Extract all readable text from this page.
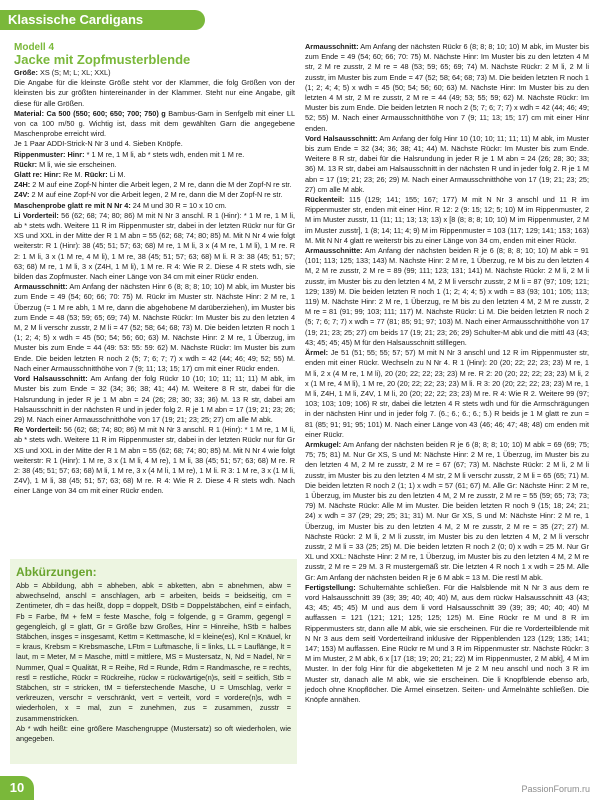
Klassische Cardigans
Modell 4
Jacke mit Zopfmusterblende

Größe: XS (S; M; L; XL; XXL)

Die Angabe für die kleinste Größe steht vor der Klammer, die folg Größen von der kleinsten bis zur größten hintereinander in der Klammer. Steht nur eine Angabe, gilt diese für alle Größen.

Material: Ca 500 (550; 600; 650; 700; 750) g Bambus-Garn in Senfgelb mit einer LL von ca 100 m/50 g. Wichtig ist, dass mit dem gewählten Garn die angegebene Maschenprobe erreicht wird.

Je 1 Paar ADDI-Strick-N Nr 3 und 4. Sieben Knöpfe.

Rippenmuster: Hinr: * 1 M re, 1 M li, ab * stets wdh, enden mit 1 M re.

Rückr: M li, wie sie erscheinen.

Glatt re: Hinr: Re M. Rückr: Li M.

Z4H: 2 M auf eine Zopf-N hinter die Arbeit legen, 2 M re, dann die M der Zopf-N re str.

Z4V: 2 M auf eine Zopf-N vor die Arbeit legen, 2 M re, dann die M der Zopf-N re str.

Maschenprobe glatt re mit N Nr 4: 24 M und 30 R = 10 x 10 cm.

Li Vorderteil: 56 (62; 68; 74; 80; 86) M mit N Nr 3 anschl. R 1 (Hinr): * 1 M re, 1 M li, ab * stets wdh. Weitere 11 R im Rippenmuster str, dabei in der letzten Rückr nur für Gr XS und XXL in der Mitte der R 1 M abn = 55 (62; 68; 74; 80; 85) M. Mit N Nr 4 wie folgt weiterstr: R 1 (Hinr): 38 (45; 51; 57; 63; 68) M re, 1 M li, 3 x (4 M re, 1 M li), 1 M re. R 2: 1 M li, 3 x (1 M re, 4 M li), 1 M re, 38 (45; 51; 57; 63; 68) M li. R 3: 38 (45; 51; 57; 63; 68) M re, 1 M li, 3 x (Z4H, 1 M li), 1 M re. R 4: Wie R 2. Diese 4 R stets wdh, sie bilden das Zopfmuster. Nach einer Länge von 34 cm mit einer Rückr enden.

Armausschnitt: Am Anfang der nächsten Hinr 6 (8; 8; 8; 10; 10) M abk, im Muster bis zum Ende = 49 (54; 60; 66; 70: 75) M. Rückr im Muster str. Nächste Hinr: 2 M re, 1 Überzug (= 1 M re abh, 1 M re, dann die abgehobene M darüberziehen), im Muster bis zum Ende = 48 (53; 59; 65; 69; 74) M. Nächste Rückr: Im Muster bis zu den letzten 4 M, 2 M li verschr zusstr, 2 M li = 47 (52; 58; 64; 68; 73) M. Die beiden letzten R noch 1 (1; 2; 4; 5) x wdh = 45 (50; 54; 56; 60; 63) M. Nächste Hinr: 2 M re, 1 Überzug, im Muster bis zum Ende = 44 (49: 53: 55: 59: 62) M. Nächste Rückr: Im Muster bis zum Ende. Die beiden letzten R noch 2 (5; 7; 6; 7; 7) x wdh = 42 (44; 46; 49; 52; 55) M. Nach einer Armausschnitthöhe von 7 (9; 11; 13; 15; 17) cm mit einer Rückr enden.

Vord Halsausschnitt: Am Anfang der folg Rückr 10 (10; 10; 11; 11; 11) M abk, im Muster bis zum Ende = 32 (34; 36; 38; 41; 44) M. Weitere 8 R str, dabei für die Halsrundung in jeder R je 1 M abn = 24 (26; 28; 30; 33; 36) M. 13 R str, dabei am Halsausschnitt in der nächsten R und in jeder folg 2. R je 1 M abn = 17 (19; 21; 23; 26; 29) M. Nach einer Armausschnitthöhe von 17 (19; 21; 23; 25; 27) cm alle M abk.

Re Vorderteil: 56 (62; 68; 74; 80; 86) M mit N Nr 3 anschl. R 1 (Hinr): * 1 M re, 1 M li, ab * stets wdh. Weitere 11 R im Rippenmuster str, dabei in der letzten Rückr nur für Gr XS und XXL in der Mitte der R 1 M abn = 55 (62; 68; 74; 80; 85) M. Mit N Nr 4 wie folgt weiterstr: R 1 (Hinr): 1 M re, 3 x (1 M li, 4 M re), 1 M li, 38 (45; 51; 57; 63; 68) M re. R 2: 38 (45; 51; 57; 63; 68) M li, 1 M re, 3 x (4 M li, 1 M re), 1 M li. R 3: 1 M re, 3 x (1 M li, Z4V), 1 M li, 38 (45; 51; 57; 63; 68) M re. R 4: Wie R 2. Diese 4 R stets wdh. Nach einer Länge von 34 cm mit einer Rückr enden.

Abkürzungen:

Abb = Abbildung, abh = abheben, abk = abketten, abn = abnehmen, abw = abwechselnd, anschl = anschlagen, arb = arbeiten, beids = beidseitig, cm = Zentimeter, dh = das heißt, dopp = doppelt, DStb = Doppelstäbchen, einf = einfach, Fb = Farbe, fM + feM = feste Masche, folg = folgende, g = Gramm, gegengl = gegengleich, gl = glatt, Gr = Größe bzw Großes, Hinr = Hinreihe, hStb = halbes Stäbchen, insges = insgesamt, Kettm = Kettmasche, kl = kleine(es), Knl = Knäuel, kr = kraus, Krebsm = Krebsmasche, LFtm = Luftmasche, li = links, LL = Lauflänge, lt = laut, m = Meter, M = Masche, mittl = mittlere, MS = Mustersatz, N, Nd = Nadel, Nr = Nummer, Qual = Qualität, R = Reihe, Rd = Runde, Rdm = Randmasche, re = rechts, restl = restliche, Rückr = Rückreihe, rückw = rückwärtige(n)s, seitl = seitlich, Stb = Stäbchen, str = stricken, tM = tieferstechende Masche, U = Umschlag, verkr = verkreuzen, verschr = verschränkt, vert = verteilt, vord = vordere(n)s, wdh = wiederholen, x = mal, zun = zunehmen, zus = zusammen, zusstr = zusammenstricken.

Ab * wdh heißt: eine größere Maschengruppe (Mustersatz) so oft wiederholen, wie angegeben.

Armausschnitt: Am Anfang der nächsten Rückr 6 (8; 8; 8; 10; 10) M abk, im Muster bis zum Ende = 49 (54; 60; 66; 70: 75) M. Nächste Hinr: Im Muster bis zu den letzten 4 M str, 2 M re zusstr, 2 M re = 48 (53; 59; 65; 69; 74) M. Nächste Rückr: 2 M li, 2 M li zusstr, im Muster bis zum Ende = 47 (52; 58; 64; 68; 73) M. Die beiden letzten R noch 1 (1; 2; 4; 4; 5) x wdh = 45 (50; 54; 56; 60; 63) M. Nächste Hinr: Im Muster bis zu den letzten 4 M str, 2 M re zusstr, 2 M re = 44 (49; 53; 55; 59; 62) M. Nächste Rückr: Im Muster bis zum Ende. Die beiden letzten R noch 2 (5; 7; 6; 7; 7) x wdh = 42 (44; 46; 49; 52; 55) M. Nach einer Armausschnitthöhe von 7 (9; 11; 13; 15; 17) cm mit einer Hinr enden.

Vord Halsausschnitt: Am Anfang der folg Hinr 10 (10; 10; 11; 11; 11) M abk, im Muster bis zum Ende = 32 (34; 36; 38; 41; 44) M. Nächste Rückr: Im Muster bis zum Ende. Weitere 8 R str, dabei für die Halsrundung in jeder R je 1 M abn = 24 (26; 28; 30; 33; 36) M. 13 R str, dabei am Halsausschnitt in der nächsten R und in jeder folg 2. R je 1 M abn = 17 (19; 21; 23; 26; 29) M. Nach einer Armausschnitthöhe von 17 (19; 21; 23; 25; 27) cm alle M abk.

Rückenteil: 115 (129; 141; 155; 167; 177) M mit N Nr 3 anschl und 11 R im Rippenmuster str, enden mit einer Hinr. R 12: 2 (9: 15; 12; 5; 10) M im Rippenmuster, 2 M im Muster zusstr, 11 (11; 11; 13; 13; 13) x [8 (8; 8; 8; 10; 10) M im Rippenmuster, 2 M im Muster zusstr], 1 (8; 14; 11; 4; 9) M im Rippenmuster = 103 (117; 129; 141; 153; 163) M. Mit N Nr 4 glatt re weiterstr bis zu einer Länge von 34 cm, enden mit einer Rückr.

Armausschnitte: Am Anfang der nächsten beiden R je 6 (8; 8; 8; 10; 10) M abk = 91 (101; 113; 125; 133; 143) M. Nächste Hinr: 2 M re, 1 Überzug, re M bis zu den letzten 4 M, 2 M re zusstr, 2 M re = 89 (99; 111; 123; 131; 141) M. Nächste Rückr: 2 M li, 2 M li zusstr, im Muster bis zu den letzten 4 M, 2 M li verschr zusstr, 2 M li = 87 (97; 109; 121; 129; 139) M. Die beiden letzten R noch 1 (1; 2; 4; 4; 5) x wdh = 83 (93; 101; 105; 113; 119) M. Nächste Hinr: 2 M re, 1 Überzug, re M bis zu den letzten 4 M, 2 M re zusstr, 2 M re = 81 (91; 99; 103; 111; 117) M. Nächste Rückr: Li M. Die beiden letzten R noch 2 (5; 7; 6; 7; 7) x wdh = 77 (81; 85; 91; 97; 103) M. Nach einer Armausschnitthöhe von 17 (19; 21; 23; 25; 27) cm beids 17 (19; 21; 23; 26; 29) Schulter-M abk und die mittl 43 (43; 43; 45; 45; 45) M für den Halsausschnitt stilllegen.

Ärmel: Je 51 (51; 55; 55; 57; 57) M mit N Nr 3 anschl und 12 R im Rippenmuster str, enden mit einer Rückr. Wechseln zu N Nr 4. R 1 (Hinr): 20 (20; 22; 22; 23; 23) M re, 1 M li, 2 x (4 M re, 1 M li), 20 (20; 22; 22; 23; 23) M re. R 2: 20 (20; 22; 22; 23; 23) M li, 2 x (1 M re, 4 M li), 1 M re, 20 (20; 22; 22; 23; 23) M li. R 3: 20 (20; 22; 22; 23; 23) M re, 1 M li, Z4H, 1 M li, Z4V, 1 M li, 20 (20; 22; 22; 23; 23) M re. R 4: Wie R 2. Weitere 99 (97; 103; 103; 109; 106) R str, dabei die letzten 4 R stets wdh und für die Armschrägungen in der nächsten Hinr und in jeder folg 7. (6.; 6.; 6.; 6.; 5.) R beids je 1 M glatt re zun = 81 (85; 91; 91; 95; 101) M. Nach einer Länge von 43 (46; 46; 47; 48; 48) cm enden mit einer Rückr.

Armkugel: Am Anfang der nächsten beiden R je 6 (8; 8; 8; 10; 10) M abk = 69 (69; 75; 75; 75; 81) M. Nur Gr XS, S und M: Nächste Hinr: 2 M re, 1 Überzug, im Muster bis zu den letzten 4 M, 2 M re zusstr, 2 M re = 67 (67; 73) M. Nächste Rückr: 2 M li, 2 M li zusstr, im Muster bis zu den letzten 4 M str, 2 M li verschr zusstr, 2 M li = 65 (65; 71) M. Die beiden letzten R noch 2 (1; 1) x wdh = 57 (61; 67) M. Alle Gr: Nächste Hinr: 2 M re, 1 Überzug, im Muster bis zu den letzten 4 M, 2 M re zusstr, 2 M re = 55 (59; 65; 73; 73; 79) M. Nächste Rückr: Alle M im Muster. Die beiden letzten R noch 9 (15; 18; 24; 21; 24) x wdh = 37 (29; 29; 25; 31; 31) M. Nur Gr XS, S und M: Nächste Hinr: 2 M re, 1 Überzug, im Muster bis zu den letzten 4 M, 2 M re zusstr, 2 M re = 35 (27; 27) M. Nächste Rückr: 2 M li, 2 M li zusstr, im Muster bis zu den letzten 4 M, 2 M li verschr zusstr, 2 M li = 33 (25; 25) M. Die beiden letzten R noch 2 (0; 0) x wdh = 25 M. Nur Gr XL und XXL: Nächste Hinr: 2 M re, 1 Überzug, im Muster bis zu den letzten 4 M, 2 M re zusstr, 2 M re = 29 M. 3 R mustergemäß str. Die letzten 4 R noch 1 x wdh = 25 M. Alle Gr: Am Anfang der nächsten beiden R je 6 M abk = 13 M. Die restl M abk.

Fertigstellung: Schulternähte schließen. Für die Halsblende mit N Nr 3 aus dem re vord Halsausschnitt 39 (39; 39; 40; 40; 40) M, aus dem rückw Halsausschnitt 43 (43; 43; 45; 45; 45) M und aus dem li vord Halsausschnitt 39 (39; 39; 40; 40; 40) M auffassen = 121 (121; 121; 125; 125; 125) M. Eine Rückr re M und 8 R im Rippenmusters str, dann alle M abk, wie sie erscheinen. Für die re Vorderteilblende mit N Nr 3 aus dem seitl Vorderteilrand inklusive der Rippenblenden 123 (129; 135; 141; 147; 153) M auffassen. Eine Rückr re M und 3 R im Rippenmuster str. Nächste Rückr: 3 M im Muster, 2 M abk, 6 x [17 (18; 19; 20; 21; 22) M im Rippenmuster, 2 M abk], 4 M im Muster. In der folg Hinr für die abgeketteten M je 2 M neu anschl und noch 3 R im Muster str, danach alle M abk, wie sie erscheinen. Die li Knopfblende ebenso arb, jedoch ohne Knopflöcher. Die Ärmel einsetzen. Seiten- und Ärmelnähte schließen. Die Knöpfe annähen.

10	PassionForum.ru
